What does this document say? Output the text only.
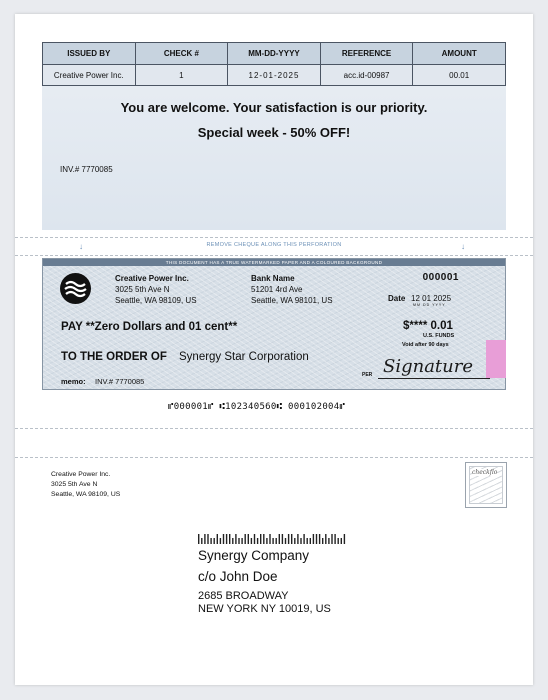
ISSUED BY	CHECK #	MM-DD-YYYY	REFERENCE	AMOUNT
Creative Power Inc.	1	12-01-2025	acc.id-00987	00.01
You are welcome. Your satisfaction is our priority.
Special week - 50% OFF!
INV.# 7770085
↓	REMOVE CHEQUE ALONG THIS PERFORATION	↓
THIS DOCUMENT HAS A TRUE WATERMARKED PAPER AND A COLOURED BACKGROUND
Creative Power Inc.
3025 5th Ave N
Seattle, WA 98109, US
Bank Name
51201 4rd Ave
Seattle, WA 98101, US
000001
Date 12 01 2025
MM DD YYYY
PAY **Zero Dollars and 01 cent**	$**** 0.01
U.S. FUNDS
Void after 90 days
TO THE ORDER OF Synergy Star Corporation
PER Signature
memo: INV.# 7770085
⑈000001⑈ ⑆102340560⑆ 000102004⑈
Creative Power Inc.
3025 5th Ave N
Seattle, WA 98109, US
checkflo
Synergy Company
c/o John Doe
2685 BROADWAY
NEW YORK NY 10019, US
